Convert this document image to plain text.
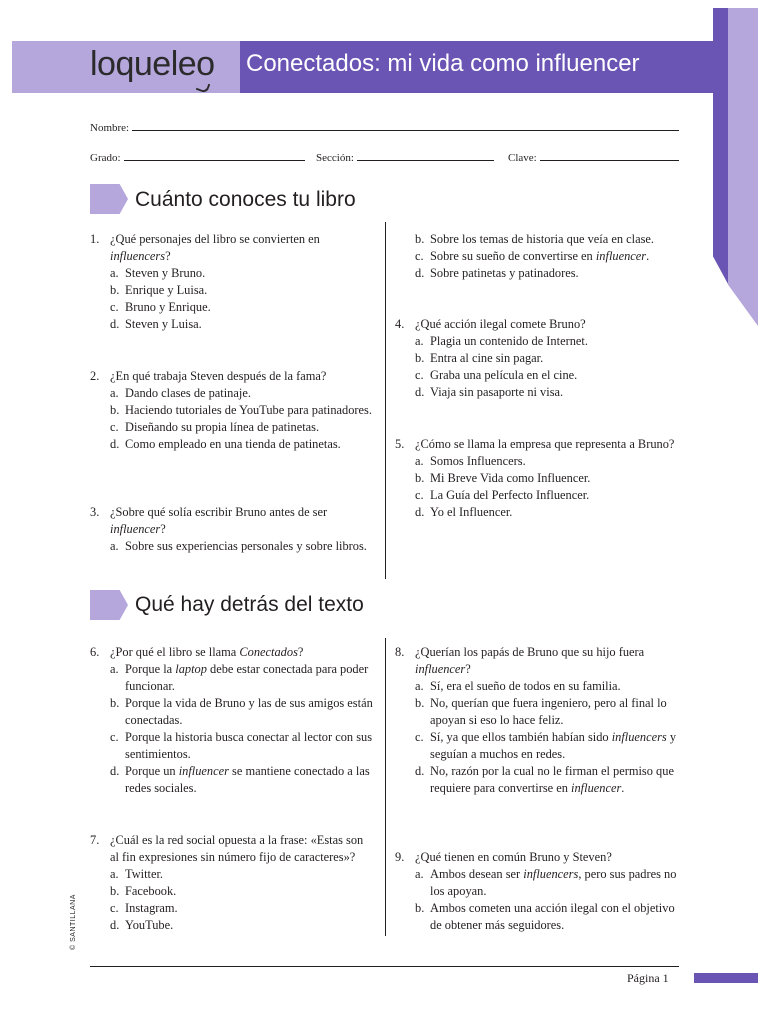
loqueleo Conectados: mi vida como influencer
Nombre:
Grado:	Sección:	Clave:
Cuánto conoces tu libro
1. ¿Qué personajes del libro se convierten en influencers?
a. Steven y Bruno.
b. Enrique y Luisa.
c. Bruno y Enrique.
d. Steven y Luisa.
2. ¿En qué trabaja Steven después de la fama?
a. Dando clases de patinaje.
b. Haciendo tutoriales de YouTube para patinadores.
c. Diseñando su propia línea de patinetas.
d. Como empleado en una tienda de patinetas.
3. ¿Sobre qué solía escribir Bruno antes de ser influencer?
a. Sobre sus experiencias personales y sobre libros.
b. Sobre los temas de historia que veía en clase.
c. Sobre su sueño de convertirse en influencer.
d. Sobre patinetas y patinadores.
4. ¿Qué acción ilegal comete Bruno?
a. Plagia un contenido de Internet.
b. Entra al cine sin pagar.
c. Graba una película en el cine.
d. Viaja sin pasaporte ni visa.
5. ¿Cómo se llama la empresa que representa a Bruno?
a. Somos Influencers.
b. Mi Breve Vida como Influencer.
c. La Guía del Perfecto Influencer.
d. Yo el Influencer.
Qué hay detrás del texto
6. ¿Por qué el libro se llama Conectados?
a. Porque la laptop debe estar conectada para poder funcionar.
b. Porque la vida de Bruno y las de sus amigos están conectadas.
c. Porque la historia busca conectar al lector con sus sentimientos.
d. Porque un influencer se mantiene conectado a las redes sociales.
7. ¿Cuál es la red social opuesta a la frase: «Estas son al fin expresiones sin número fijo de caracteres»?
a. Twitter.
b. Facebook.
c. Instagram.
d. YouTube.
8. ¿Querían los papás de Bruno que su hijo fuera influencer?
a. Sí, era el sueño de todos en su familia.
b. No, querían que fuera ingeniero, pero al final lo apoyan si eso lo hace feliz.
c. Sí, ya que ellos también habían sido influencers y seguían a muchos en redes.
d. No, razón por la cual no le firman el permiso que requiere para convertirse en influencer.
9. ¿Qué tienen en común Bruno y Steven?
a. Ambos desean ser influencers, pero sus padres no los apoyan.
b. Ambos cometen una acción ilegal con el objetivo de obtener más seguidores.
Página 1
© SANTILLANA
